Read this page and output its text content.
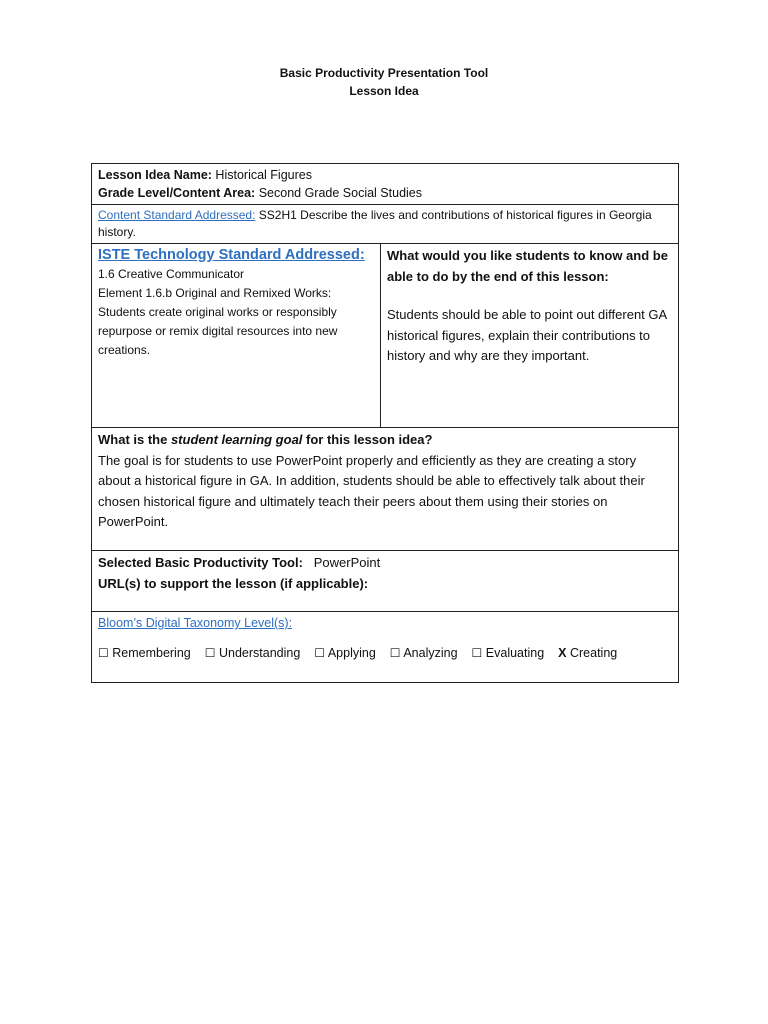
Basic Productivity Presentation Tool
Lesson Idea
Lesson Idea Name: Historical Figures
Grade Level/Content Area: Second Grade Social Studies

Content Standard Addressed: SS2H1 Describe the lives and contributions of historical figures in Georgia history.

ISTE Technology Standard Addressed:
1.6 Creative Communicator
Element 1.6.b Original and Remixed Works:
Students create original works or responsibly repurpose or remix digital resources into new creations.

What would you like students to know and be able to do by the end of this lesson:
Students should be able to point out different GA historical figures, explain their contributions to history and why are they important.

What is the student learning goal for this lesson idea?
The goal is for students to use PowerPoint properly and efficiently as they are creating a story about a historical figure in GA. In addition, students should be able to effectively talk about their chosen historical figure and ultimately teach their peers about them using their stories on PowerPoint.

Selected Basic Productivity Tool: PowerPoint
URL(s) to support the lesson (if applicable):

Bloom’s Digital Taxonomy Level(s):
☐ Remembering ☐ Understanding ☐ Applying ☐ Analyzing ☐ Evaluating X Creating
